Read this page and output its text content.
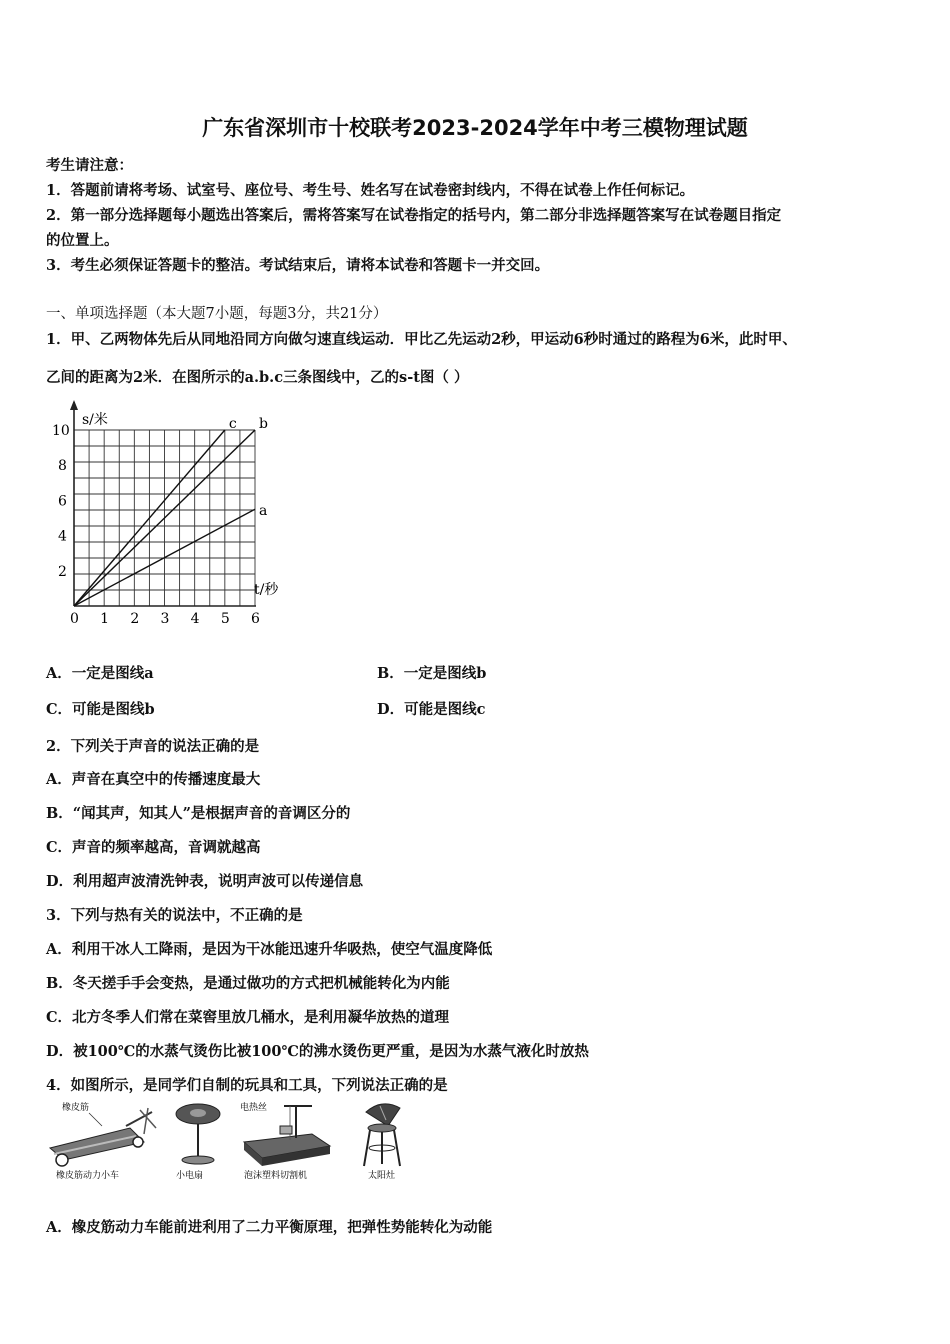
广东省深圳市十校联考2023-2024学年中考三模物理试题
考生请注意：
1．答题前请将考场、试室号、座位号、考生号、姓名写在试卷密封线内，不得在试卷上作任何标记。
2．第一部分选择题每小题选出答案后，需将答案写在试卷指定的括号内，第二部分非选择题答案写在试卷题目指定
的位置上。
3．考生必须保证答题卡的整洁。考试结束后，请将本试卷和答题卡一并交回。
一、单项选择题（本大题7小题，每题3分，共21分）
1．甲、乙两物体先后从同地沿同方向做匀速直线运动．甲比乙先运动2秒，甲运动6秒时通过的路程为6米，此时甲、
乙间的距离为2米．在图所示的a.b.c三条图线中，乙的s-t图（ ）
0 1 2 3 4 5 6
2
4
6
8
10
a
b
c
s/米
t/秒
A．一定是图线a	B．一定是图线b
C．可能是图线b	D．可能是图线c
2．下列关于声音的说法正确的是
A．声音在真空中的传播速度最大
B．“闻其声，知其人”是根据声音的音调区分的
C．声音的频率越高，音调就越高
D．利用超声波清洗钟表，说明声波可以传递信息
3．下列与热有关的说法中，不正确的是
A．利用干冰人工降雨，是因为干冰能迅速升华吸热，使空气温度降低
B．冬天搓手手会变热，是通过做功的方式把机械能转化为内能
C．北方冬季人们常在菜窖里放几桶水，是利用凝华放热的道理
D．被100℃的水蒸气烫伤比被100℃的沸水烫伤更严重，是因为水蒸气液化时放热
4．如图所示，是同学们自制的玩具和工具，下列说法正确的是
橡皮筋
橡皮筋动力小车	小电扇
电热丝
泡沫塑料切割机	太阳灶
A．橡皮筋动力车能前进利用了二力平衡原理，把弹性势能转化为动能
